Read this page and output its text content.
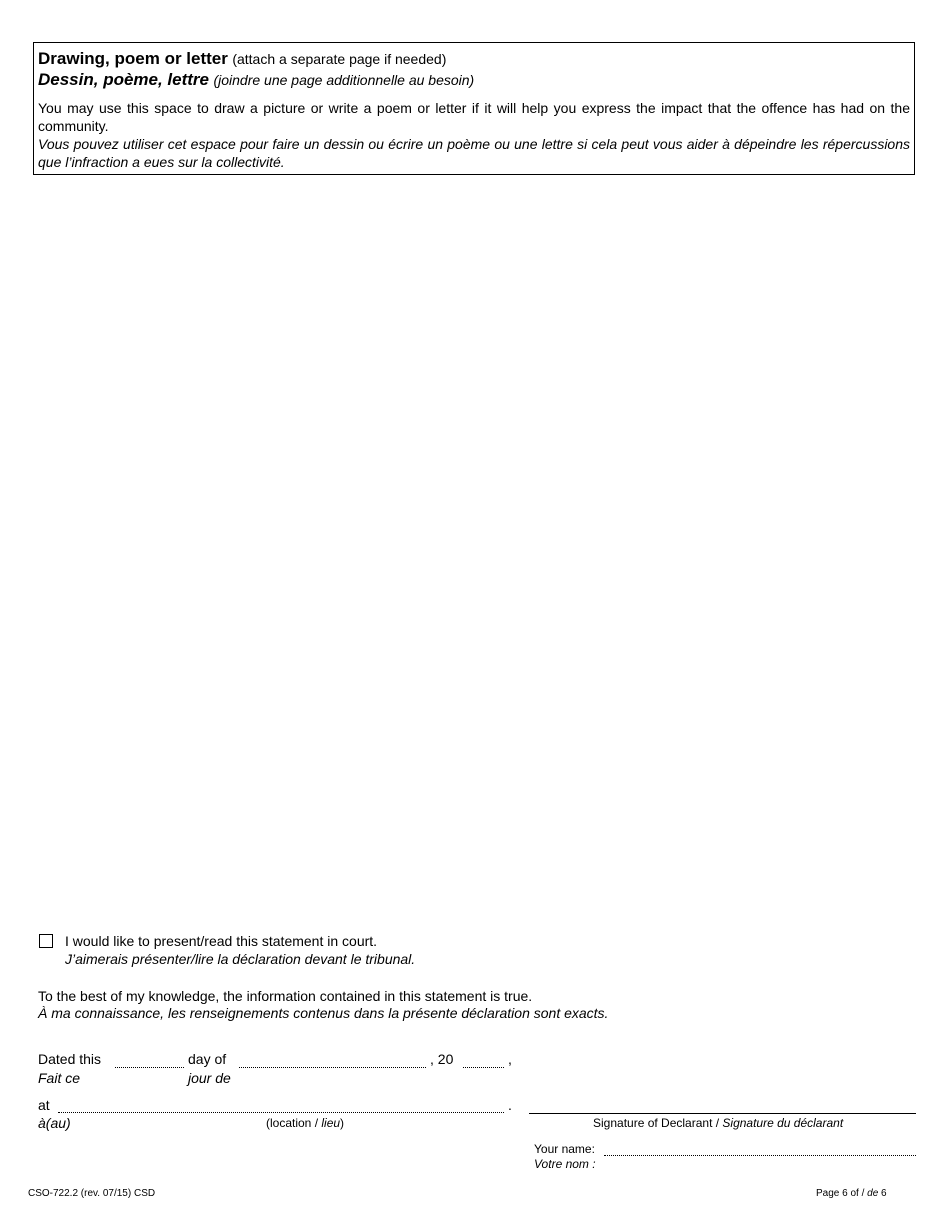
Drawing, poem or letter (attach a separate page if needed)
Dessin, poème, lettre (joindre une page additionnelle au besoin)

You may use this space to draw a picture or write a poem or letter if it will help you express the impact that the offence has had on the community.

Vous pouvez utiliser cet espace pour faire un dessin ou écrire un poème ou une lettre si cela peut vous aider à dépeindre les répercussions que l’infraction a eues sur la collectivité.

I would like to present/read this statement in court.
J’aimerais présenter/lire la déclaration devant le tribunal.
To the best of my knowledge, the information contained in this statement is true.
À ma connaissance, les renseignements contenus dans la présente déclaration sont exacts.
Dated this
Fait ce
day of
jour de
, 20	,
at
à(au)
.
(location / lieu)	Signature of Declarant / Signature du déclarant
Your name:
Votre nom :
CSO-722.2 (rev. 07/15) CSD	Page 6 of / de 6
